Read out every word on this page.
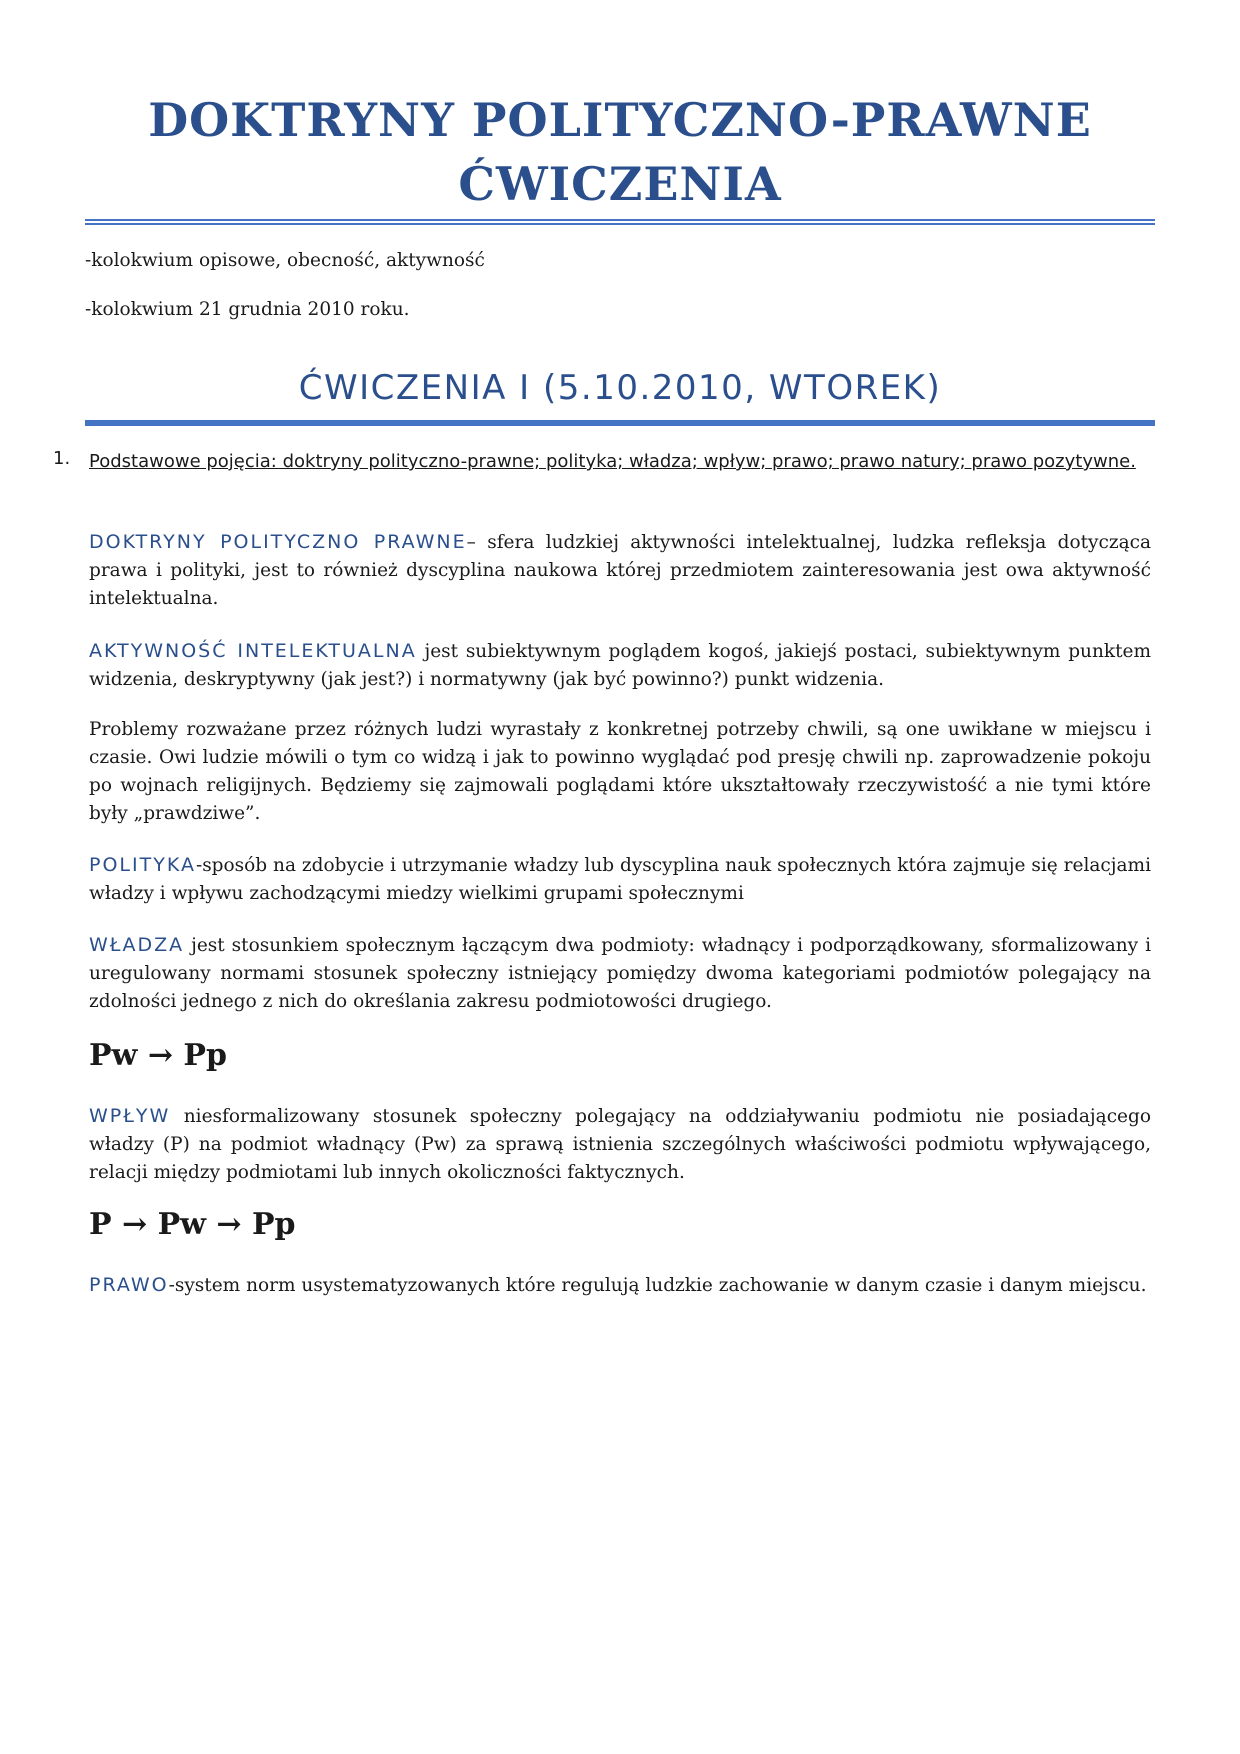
DOKTRYNY POLITYCZNO-PRAWNE
ĆWICZENIA
-kolokwium opisowe, obecność, aktywność
-kolokwium 21 grudnia 2010 roku.
ĆWICZENIA I (5.10.2010, WTOREK)
1. Podstawowe pojęcia: doktryny polityczno-prawne; polityka; władza; wpływ; prawo; prawo natury; prawo pozytywne.
DOKTRYNY POLITYCZNO PRAWNE– sfera ludzkiej aktywności intelektualnej, ludzka refleksja dotycząca prawa i polityki, jest to również dyscyplina naukowa której przedmiotem zainteresowania jest owa aktywność intelektualna.
AKTYWNOŚĆ INTELEKTUALNA jest subiektywnym poglądem kogoś, jakiejś postaci, subiektywnym punktem widzenia, deskryptywny (jak jest?) i normatywny (jak być powinno?) punkt widzenia.
Problemy rozważane przez różnych ludzi wyrastały z konkretnej potrzeby chwili, są one uwikłane w miejscu i czasie. Owi ludzie mówili o tym co widzą i jak to powinno wyglądać pod presję chwili np. zaprowadzenie pokoju po wojnach religijnych. Będziemy się zajmowali poglądami które ukształtowały rzeczywistość a nie tymi które były „prawdziwe”.
POLITYKA-sposób na zdobycie i utrzymanie władzy lub dyscyplina nauk społecznych która zajmuje się relacjami władzy i wpływu zachodzącymi miedzy wielkimi grupami społecznymi
WŁADZA jest stosunkiem społecznym łączącym dwa podmioty: władnący i podporządkowany, sformalizowany i uregulowany normami stosunek społeczny istniejący pomiędzy dwoma kategoriami podmiotów polegający na zdolności jednego z nich do określania zakresu podmiotowości drugiego.
Pw → Pp
WPŁYW niesformalizowany stosunek społeczny polegający na oddziaływaniu podmiotu nie posiadającego władzy (P) na podmiot władnący (Pw) za sprawą istnienia szczególnych właściwości podmiotu wpływającego, relacji między podmiotami lub innych okoliczności faktycznych.
P → Pw → Pp
PRAWO-system norm usystematyzowanych które regulują ludzkie zachowanie w danym czasie i danym miejscu.
